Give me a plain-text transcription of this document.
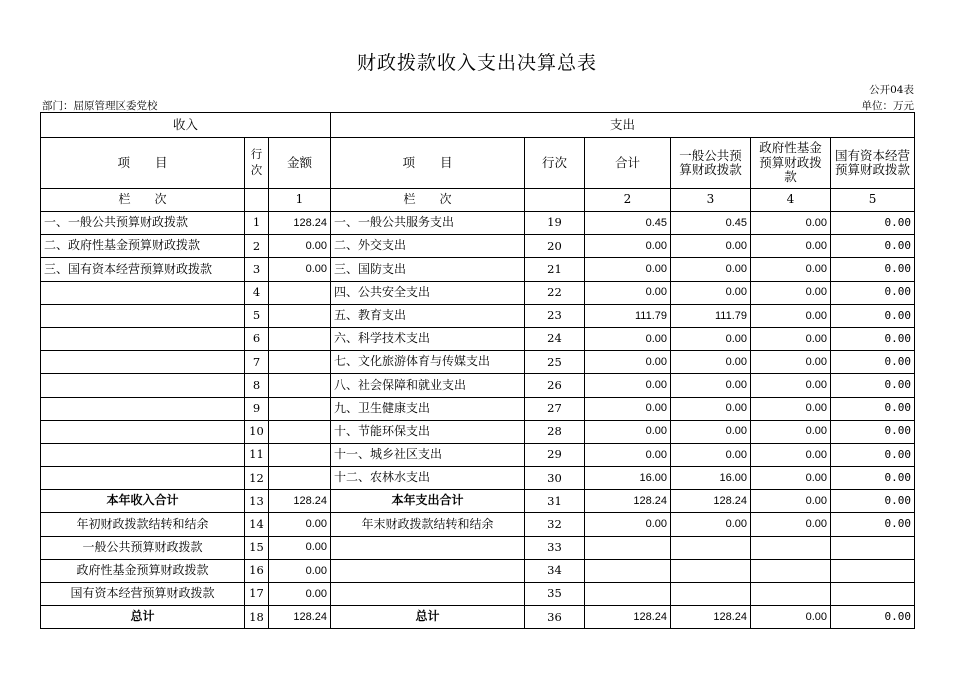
财政拨款收入支出决算总表
公开04表
部门：屈原管理区委党校	单位：万元
收入			支出					
项　　目	行次	金额	项　　目	行次	合计	一般公共预算财政拨款	政府性基金预算财政拨款	国有资本经营预算财政拨款
栏　　次		1	栏　　次		2	3	4	5
一、一般公共预算财政拨款	1	128.24	一、一般公共服务支出	19	0.45	0.45	0.00	0.00
二、政府性基金预算财政拨款	2	0.00	二、外交支出	20	0.00	0.00	0.00	0.00
三、国有资本经营预算财政拨款	3	0.00	三、国防支出	21	0.00	0.00	0.00	0.00
	4		四、公共安全支出	22	0.00	0.00	0.00	0.00
	5		五、教育支出	23	111.79	111.79	0.00	0.00
	6		六、科学技术支出	24	0.00	0.00	0.00	0.00
	7		七、文化旅游体育与传媒支出	25	0.00	0.00	0.00	0.00
	8		八、社会保障和就业支出	26	0.00	0.00	0.00	0.00
	9		九、卫生健康支出	27	0.00	0.00	0.00	0.00
	10		十、节能环保支出	28	0.00	0.00	0.00	0.00
	11		十一、城乡社区支出	29	0.00	0.00	0.00	0.00
	12		十二、农林水支出	30	16.00	16.00	0.00	0.00
本年收入合计	13	128.24	本年支出合计	31	128.24	128.24	0.00	0.00
年初财政拨款结转和结余	14	0.00	年末财政拨款结转和结余	32	0.00	0.00	0.00	0.00
一般公共预算财政拨款	15	0.00		33				
政府性基金预算财政拨款	16	0.00		34				
国有资本经营预算财政拨款	17	0.00		35				
总计	18	128.24	总计	36	128.24	128.24	0.00	0.00
